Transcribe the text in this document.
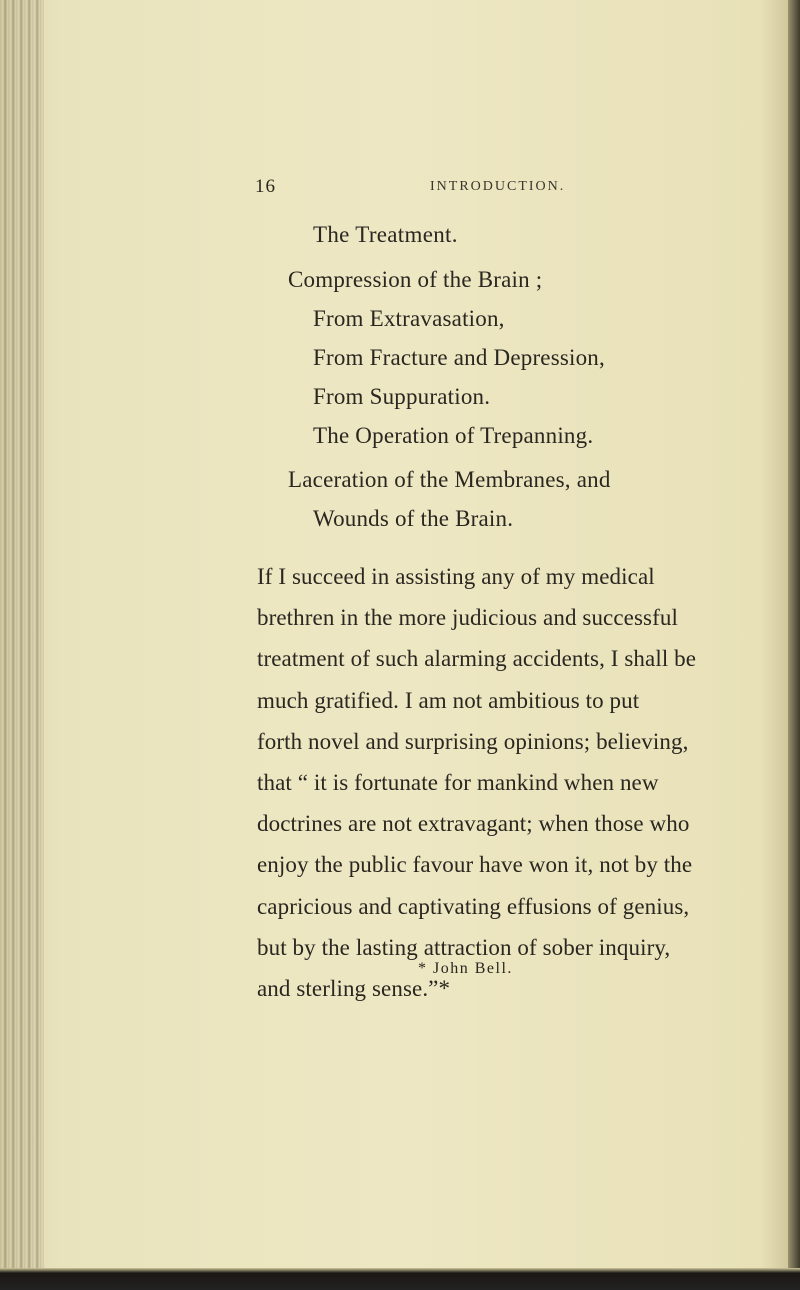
16	INTRODUCTION.
The Treatment.
Compression of the Brain ;
From Extravasation,
From Fracture and Depression,
From Suppuration.
The Operation of Trepanning.
Laceration of the Membranes, and
Wounds of the Brain.
If I succeed in assisting any of my medical
brethren in the more judicious and successful
treatment of such alarming accidents, I shall be
much gratified. I am not ambitious to put
forth novel and surprising opinions; believing,
that “ it is fortunate for mankind when new
doctrines are not extravagant; when those who
enjoy the public favour have won it, not by the
capricious and captivating effusions of genius,
but by the lasting attraction of sober inquiry,
and sterling sense.”*
* John Bell.
